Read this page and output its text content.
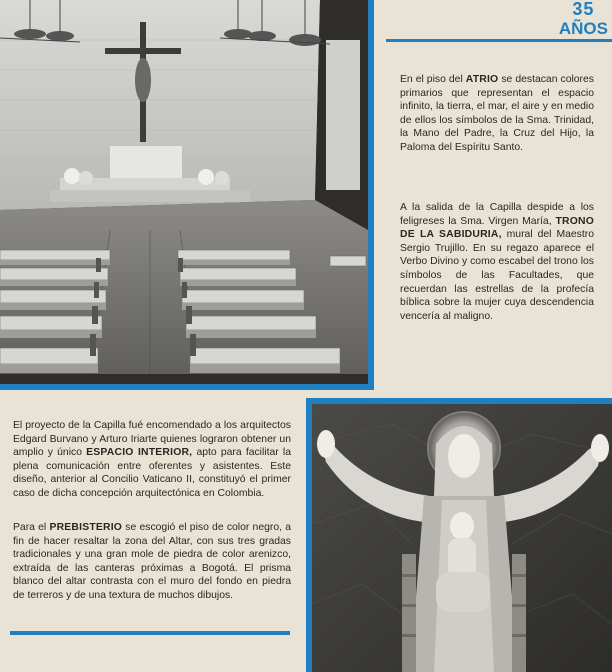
35
AÑOS

En el piso del ATRIO se destacan colores primarios que representan el espacio infinito, la tierra, el mar, el aire y en medio de ellos los símbolos de la Sma. Trinidad, la Mano del Padre, la Cruz del Hijo, la Paloma del Espíritu Santo.

A la salida de la Capilla despide a los feligreses la Sma. Virgen María, TRONO DE LA SABIDURIA, mural del Maestro Sergio Trujillo. En su regazo aparece el Verbo Divino y como escabel del trono los símbolos de las Facultades, que recuerdan las estrellas de la profecía bíblica sobre la mujer cuya descendencia vencería al maligno.

El proyecto de la Capilla fué encomendado a los arquitectos Edgard Burvano y Arturo Iriarte quienes lograron obtener un amplio y único ESPACIO INTERIOR, apto para facilitar la plena comunicación entre oferentes y asistentes. Este diseño, anterior al Concilio Vaticano II, constituyó el primer caso de dicha concepción arquitectónica en Colombia.

Para el PREBISTERIO se escogió el piso de color negro, a fin de hacer resaltar la zona del Altar, con sus tres gradas tradicionales y una gran mole de piedra de color arenizco, extraída de las canteras próximas a Bogotá. El prisma blanco del altar contrasta con el muro del fondo en piedra de terreros y de una textura de muchos dibujos.
